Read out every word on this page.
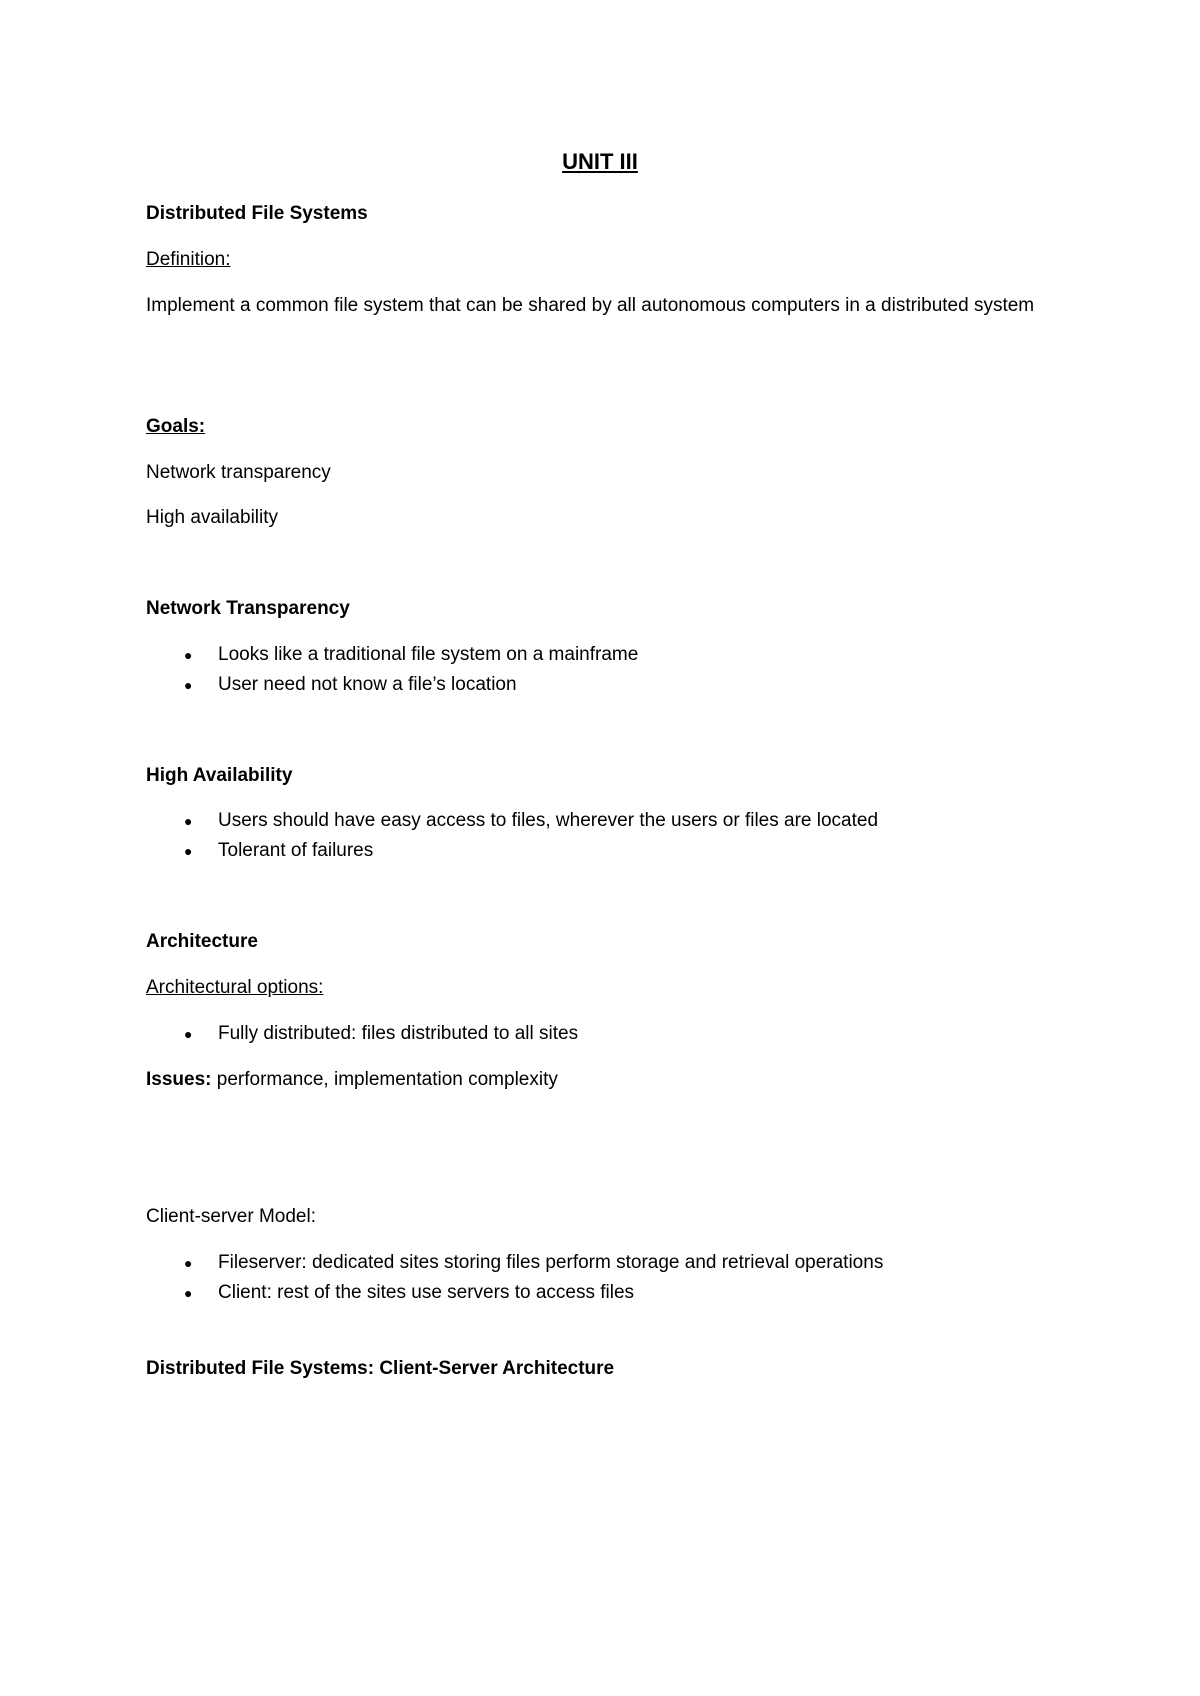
UNIT III
Distributed File Systems
Definition:
Implement a common file system that can be shared by all autonomous computers in a distributed system
Goals:
Network transparency
High availability
Network Transparency
● Looks like a traditional file system on a mainframe
● User need not know a file’s location
High Availability
● Users should have easy access to files, wherever the users or files are located
● Tolerant of failures
Architecture
Architectural options:
● Fully distributed: files distributed to all sites
Issues: performance, implementation complexity
Client-server Model:
● Fileserver: dedicated sites storing files perform storage and retrieval operations
● Client: rest of the sites use servers to access files
Distributed File Systems: Client-Server Architecture
